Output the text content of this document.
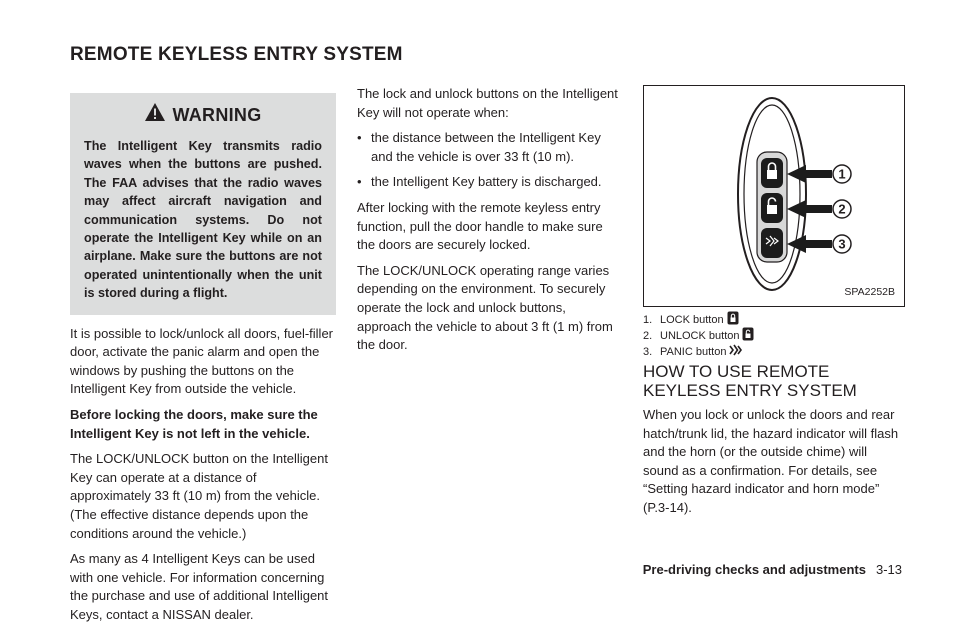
REMOTE KEYLESS ENTRY SYSTEM
WARNING
The Intelligent Key transmits radio waves when the buttons are pushed. The FAA advises that the radio waves may affect aircraft navigation and communication systems. Do not operate the Intelligent Key while on an airplane. Make sure the buttons are not operated unintentionally when the unit is stored during a flight.

It is possible to lock/unlock all doors, fuel-filler door, activate the panic alarm and open the windows by pushing the buttons on the Intelligent Key from outside the vehicle.

Before locking the doors, make sure the Intelligent Key is not left in the vehicle.

The LOCK/UNLOCK button on the Intelligent Key can operate at a distance of approximately 33 ft (10 m) from the vehicle. (The effective distance depends upon the conditions around the vehicle.)

As many as 4 Intelligent Keys can be used with one vehicle. For information concerning the purchase and use of additional Intelligent Keys, contact a NISSAN dealer.

The lock and unlock buttons on the Intelligent Key will not operate when:

• the distance between the Intelligent Key and the vehicle is over 33 ft (10 m).
• the Intelligent Key battery is discharged.

After locking with the remote keyless entry function, pull the door handle to make sure the doors are securely locked.

The LOCK/UNLOCK operating range varies depending on the environment. To securely operate the lock and unlock buttons, approach the vehicle to about 3 ft (1 m) from the door.

1
2
3
SPA2252B
1. LOCK button
2. UNLOCK button
3. PANIC button
HOW TO USE REMOTE KEYLESS ENTRY SYSTEM

When you lock or unlock the doors and rear hatch/trunk lid, the hazard indicator will flash and the horn (or the outside chime) will sound as a confirmation. For details, see “Setting hazard indicator and horn mode” (P.3-14).

Pre-driving checks and adjustments 3-13
